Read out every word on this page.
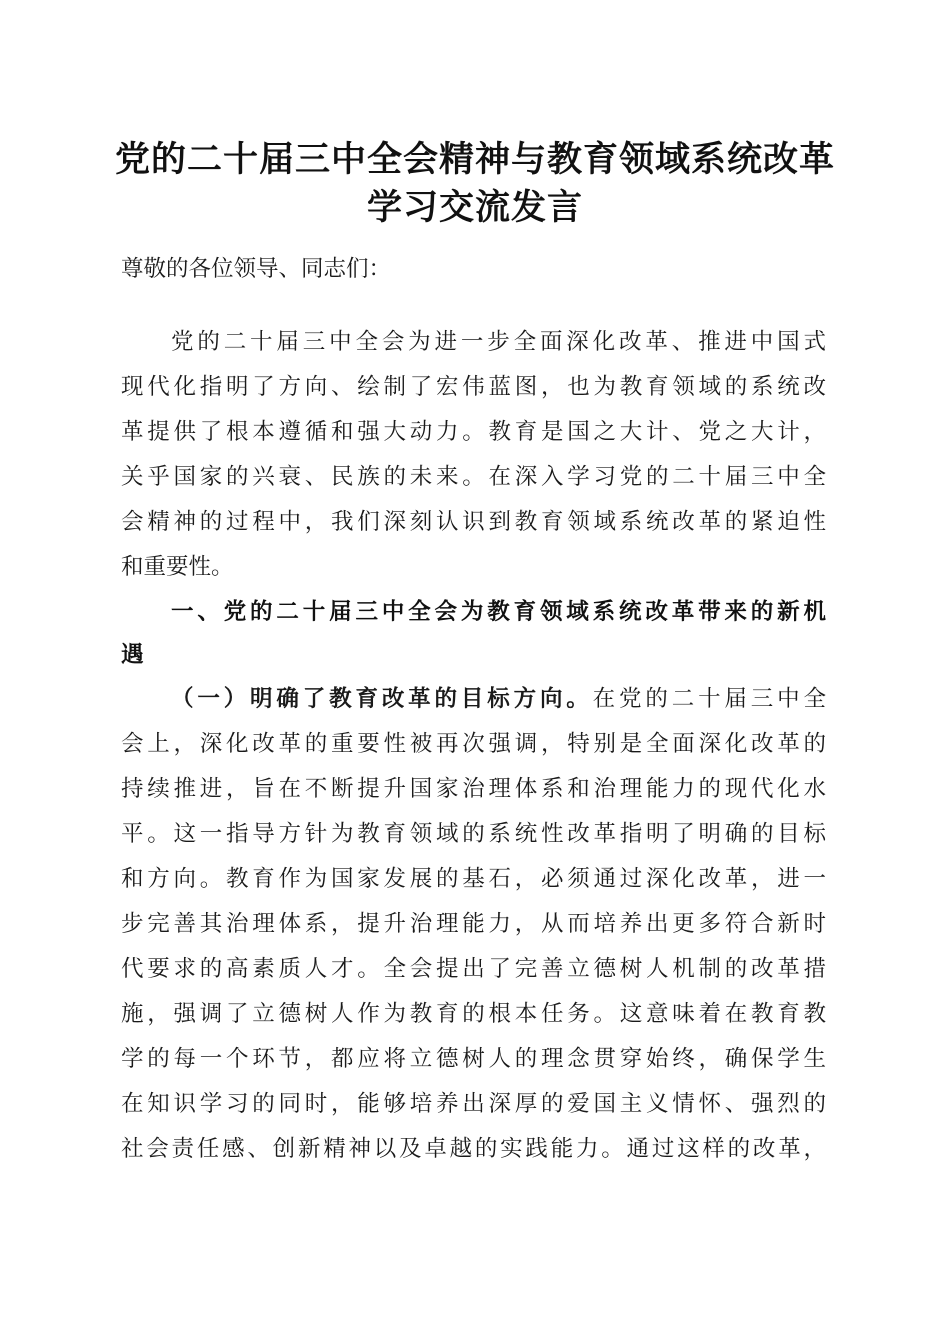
党的二十届三中全会精神与教育领域系统改革
学习交流发言
尊敬的各位领导、同志们：
党的二十届三中全会为进一步全面深化改革、推进中国式
现代化指明了方向、绘制了宏伟蓝图，也为教育领域的系统改
革提供了根本遵循和强大动力。教育是国之大计、党之大计，
关乎国家的兴衰、民族的未来。在深入学习党的二十届三中全
会精神的过程中，我们深刻认识到教育领域系统改革的紧迫性
和重要性。
一、党的二十届三中全会为教育领域系统改革带来的新机
遇
（一）明确了教育改革的目标方向。在党的二十届三中全
会上，深化改革的重要性被再次强调，特别是全面深化改革的
持续推进，旨在不断提升国家治理体系和治理能力的现代化水
平。这一指导方针为教育领域的系统性改革指明了明确的目标
和方向。教育作为国家发展的基石，必须通过深化改革，进一
步完善其治理体系，提升治理能力，从而培养出更多符合新时
代要求的高素质人才。全会提出了完善立德树人机制的改革措
施，强调了立德树人作为教育的根本任务。这意味着在教育教
学的每一个环节，都应将立德树人的理念贯穿始终，确保学生
在知识学习的同时，能够培养出深厚的爱国主义情怀、强烈的
社会责任感、创新精神以及卓越的实践能力。通过这样的改革，
